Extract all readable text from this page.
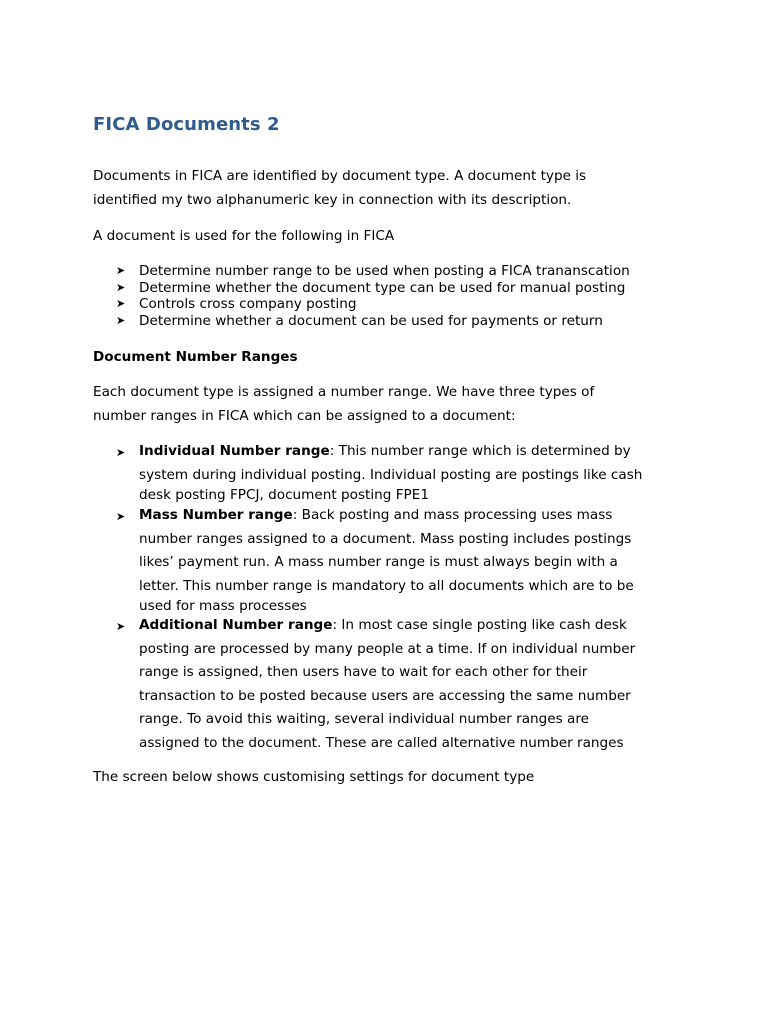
FICA Documents 2

Documents in FICA are identified by document type. A document type is
identified my two alphanumeric key in connection with its description.

A document is used for the following in FICA

➤ Determine number range to be used when posting a FICA trananscation
➤ Determine whether the document type can be used for manual posting
➤ Controls cross company posting
➤ Determine whether a document can be used for payments or return
Document Number Ranges

Each document type is assigned a number range. We have three types of
number ranges in FICA which can be assigned to a document:

➤ Individual Number range: This number range which is determined by
system during individual posting. Individual posting are postings like cash
desk posting FPCJ, document posting FPE1
➤ Mass Number range: Back posting and mass processing uses mass
number ranges assigned to a document. Mass posting includes postings
likes’ payment run. A mass number range is must always begin with a
letter. This number range is mandatory to all documents which are to be
used for mass processes
➤ Additional Number range: In most case single posting like cash desk
posting are processed by many people at a time. If on individual number
range is assigned, then users have to wait for each other for their
transaction to be posted because users are accessing the same number
range. To avoid this waiting, several individual number ranges are
assigned to the document. These are called alternative number ranges

The screen below shows customising settings for document type
